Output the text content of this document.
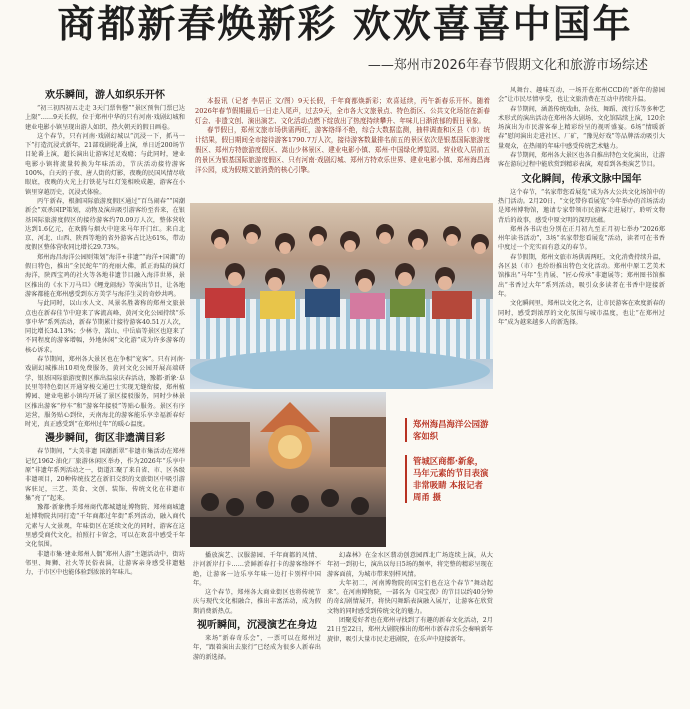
商都新春焕新彩 欢欢喜喜中国年
——郑州市2026年春节假期文化和旅游市场综述
欢乐瞬间，游人如织乐开怀

“初三初四初五走走 3天门票售罄”“景区预售门票已达上限”……9天长假，位于郑州中华的只有河南·戏剧幻城和建业电影小镇呈现出游人如织、热火朝天的假日画卷。

这个春节，只有河南·戏剧幻城以“沉浸一下，抓马一下”打造沉浸式新年，21部戏剧轮番上演，单日近200场节目轮番上演，超长演出让游客过足戏瘾；与此同时，建业电影小镇将流量转换为年味活动，节庆活动接待游客100%，白天的子夜、唐人街的灯影，夜晚的民国风情尽收眼底，夜晚的火光上打铁花与红灯笼相映成趣，游客在小镇里穿越历史，沉浸式体验。

丙午新春，根据国际旅游度假区通过“百鸟闹春”“国潮新会”双杀国IP策划，动物及演出吸引游客纷至沓来，在银基国际旅游度假区的接待游客约70.09万人次，整体营收达到1.6亿元，在欢腾与烟火中迎来马年开门红。来自北京、河北、山西、陕西等地的省外游客占比达61%，带动度假区整体营收同比增长29.73%。

郑州海昌海洋公园则策划“海洋+非遗”“海洋+国潮”的假日特色，推出“全民蛇年”的亮丽大佛，派正海陆的演灯海洋，陕西宝鸡的社火等各地非遗节目融入海洋世界，景区推出的《水下刀马旦》《鲤龙闹海》等演出节目，让各地游客都能在郑州感受到东方美学与海洋生灵的奇妙共鸣。

与此同时，以山水人文、风景名胜著称的郑州文旅景点也在新春佳节中迎来了客流高峰，黄河文化公园持续“乐事中华”系列活动，新春节期累计接待游客40.51万人次，同比增长34.13%；少林寺、嵩山、中岳庙等景区也迎来了不同程度的游客增幅，外地休闲“文化游”成为许多游客的核心诉求。

春节期间，郑州各大景区也在争相“宠客”。只有河南·戏剧幻城推出10项免费服务，黄河文化公园开展高端研学，银基国际旅游度假区推出温泉庆春活动，豫都·新象·阜民里等特色街区开通穿梭交通巴士实现无缝衔接，郑州植博园、建业电影小镇均开展了景区接驳服务，同时少林景区推出游客“停车”和“游客年接驳”等贴心服务。景区有序运营，服务贴心到位，天南海北的游客能乐享幸福新春好时光，真正感受到“在郑州过年”的暖心温度。

漫步瞬间，街区非遗满目彩

春节期间，“大美非遗 国潮新翠”非遗市集活动在郑州记忆1962·油化厂旅游休闲区举办，作为2026年“乐享中原”非遗年系列活动之一，街道汇聚了来自省、市、区各级非遗项目，20种传统技艺在新旧交织的文旅街区中吸引游客驻足，三艺、美食、文创、装饰、传统文化在非遗市集“亮了”起来。

豫都·新象携手郑州商代都城遗址博物院、郑州商城遗址博物院共同打造“千年商都过年街”系列活动，融入商代元素与人文景观，年味街区在延续文化的同时，游客在这里感受商代文化，拍照打卡留念，可以在欢喜中感受千年文化氛围。

非遗市集·建业郑州人偶“郑州人游”主题活动中，街坊邻里、舞狮、社火等民俗表演，让游客亲身感受非遗魅力，于市区中也能体验到浓浓的年味儿。

本报讯（记者 李居正 文/图）9天长假，千年商都焕新彩；欢喜延续，丙午新春乐开怀。随着2026年春节假期最后一日走入尾声，过去9天，全市各大文旅景点、特色街区、公共文化场馆在新春灯会、非遗文创、演出演艺、文化活动点燃下绽放出了热度持续攀升、年味儿日渐浓郁的假日景象。

春节假日，郑州文旅市场供需两旺，游客络绎不绝，综合大数据监测，抽样调查和区县（市）统计结果，假日期间全市接待游客1790.7万人次，接待游客数量排名前五的景区依次是银基国际旅游度假区、郑州方特旅游度假区、嵩山少林景区、建业电影小镇、郑州·中国绿化博览园。营业收入居前五的景区为银基国际旅游度假区、只有河南·戏剧幻城、郑州方特欢乐世界、建业电影小镇、郑州海昌海洋公园，成为假期文旅消费的核心引擎。

郑州海昌海洋公园游客如织
管城区商都·新象，马年元素的节目表演非常吸睛 本报记者 周甬 摄

播放演艺、汉服游园、千年商都的风情、汴河新岸打卡……尝鲜新春打卡的游客络绎不绝，让游客一边乐享年味一边打卡别样中国年。

这个春节，郑州各大商业街区也将传统节庆与现代文化相融合，推出丰富活动，成为假期消费新热点。

视听瞬间，沉浸演艺在身边

来场“新春奇乐会”，一票可以在郑州过年，“跟着演出去旅行”已经成为很多人新春出游的新选择。

幻森林》在金水区翡动创意园西北广场连续上演，从大年初一到初七，演出以每日5场的频率，将完整的精彩呈现在游客面前，为城市带来别样风情。

大年初二，河南博物院的国宝们也在这个春节“舞动起来”。在河南博物院，一部名为《国宝夜》的节目以约40分钟的奇幻剧情展开，将快闪舞蹈表演融入展厅，让游客在欣赏文物的同时感受到传统文化的魅力。

团聚爱好者也在郑州寻找到了有趣的新春文化活动，2月21日至22日，郑州大剧院推出的郑州市新春音乐会奏响新年旋律，吸引大量市民走进剧院，在乐声中迎接新年。

风舞台、趣味互动，一场开在郑州CCD的“新年的游园会”让市民尽情享受，也让文旅消费在互动中持续升温。

春节期间，涵盖传统戏曲、杂技、舞蹈、流行乐等多种艺术形式的演出活动在郑州各大剧场、文化馆陆续上演，120余场演出为市民游客奉上精彩纷呈的视听盛宴。6场“情暖新春”慰问演出走进社区、厂矿，“豫见好戏”等品牌活动吸引大量观众，在热闹的年味中感受传统艺术魅力。

春节期间，郑州各大景区也各自推出特色文化演出，让游客在游玩过程中能欣赏到精彩表演，观看到各类演艺节目。

文化瞬间，传承文脉中国年

这个春节，“名家带您看展览”成为各大公共文化场馆中的热门活动。2月20日，“文化带你看展览”今年举办的首场活动是郑州博物馆，邀请专家带领市民游客走进展厅，聆听文物背后的故事，感受中原文明的深厚底蕴。

郑州各书店也分别在正月初九至正月初七举办“2026郑州年读书活动”，3场“名家带您看展览”活动，读者可在书香中度过一个充实而有意义的春节。

春节假期，郑州文旅市场供需两旺，文化消费持续升温，各区县（市）也纷纷推出特色文化活动。郑州中原工艺美术馆推出“马年”生肖展、“匠心传承”非遗展等；郑州图书馆推出“书香过大年”系列活动，吸引众多读者在书香中迎接新年。

文化瞬间里，郑州以文化之名，让市民游客在欢度新春的同时，感受到浓厚的文化氛围与城市温度，也让“在郑州过年”成为越来越多人的新选择。
